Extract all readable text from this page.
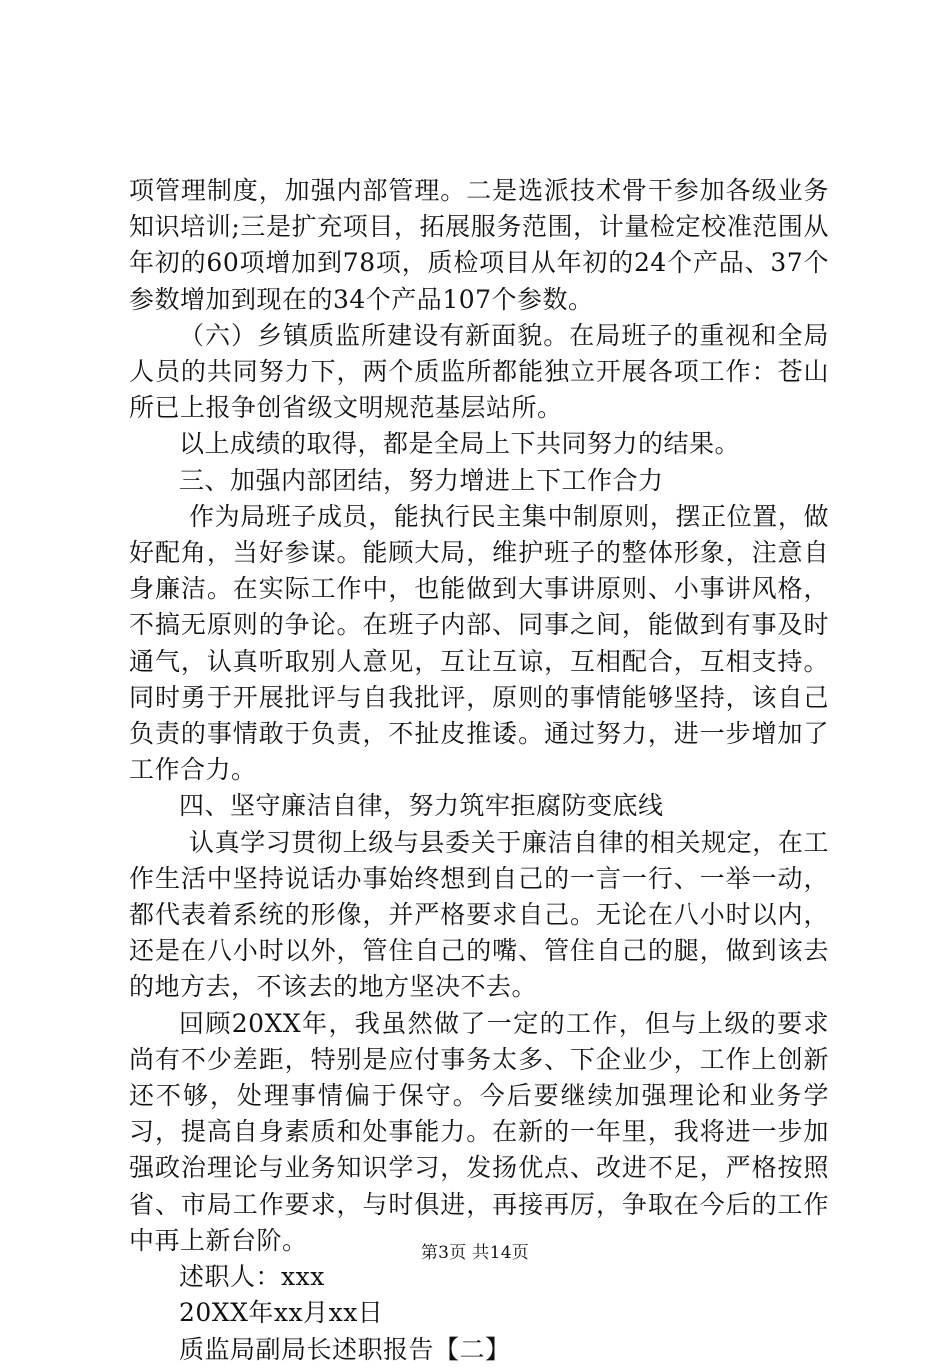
项管理制度，加强内部管理。二是选派技术骨干参加各级业务知识培训;三是扩充项目，拓展服务范围，计量检定校准范围从年初的60项增加到78项，质检项目从年初的24个产品、37个参数增加到现在的34个产品107个参数。

（六）乡镇质监所建设有新面貌。在局班子的重视和全局人员的共同努力下，两个质监所都能独立开展各项工作：苍山所已上报争创省级文明规范基层站所。

以上成绩的取得，都是全局上下共同努力的结果。

三、加强内部团结，努力增进上下工作合力

作为局班子成员，能执行民主集中制原则，摆正位置，做好配角，当好参谋。能顾大局，维护班子的整体形象，注意自身廉洁。在实际工作中，也能做到大事讲原则、小事讲风格，不搞无原则的争论。在班子内部、同事之间，能做到有事及时通气，认真听取别人意见，互让互谅，互相配合，互相支持。同时勇于开展批评与自我批评，原则的事情能够坚持，该自己负责的事情敢于负责，不扯皮推诿。通过努力，进一步增加了工作合力。

四、坚守廉洁自律，努力筑牢拒腐防变底线

认真学习贯彻上级与县委关于廉洁自律的相关规定，在工作生活中坚持说话办事始终想到自己的一言一行、一举一动，都代表着系统的形像，并严格要求自己。无论在八小时以内，还是在八小时以外，管住自己的嘴、管住自己的腿，做到该去的地方去，不该去的地方坚决不去。

回顾20XX年，我虽然做了一定的工作，但与上级的要求尚有不少差距，特别是应付事务太多、下企业少，工作上创新还不够，处理事情偏于保守。今后要继续加强理论和业务学习，提高自身素质和处事能力。在新的一年里，我将进一步加强政治理论与业务知识学习，发扬优点、改进不足，严格按照省、市局工作要求，与时俱进，再接再厉，争取在今后的工作中再上新台阶。

述职人：xxx

20XX年xx月xx日

质监局副局长述职报告【二】

第3页 共14页
